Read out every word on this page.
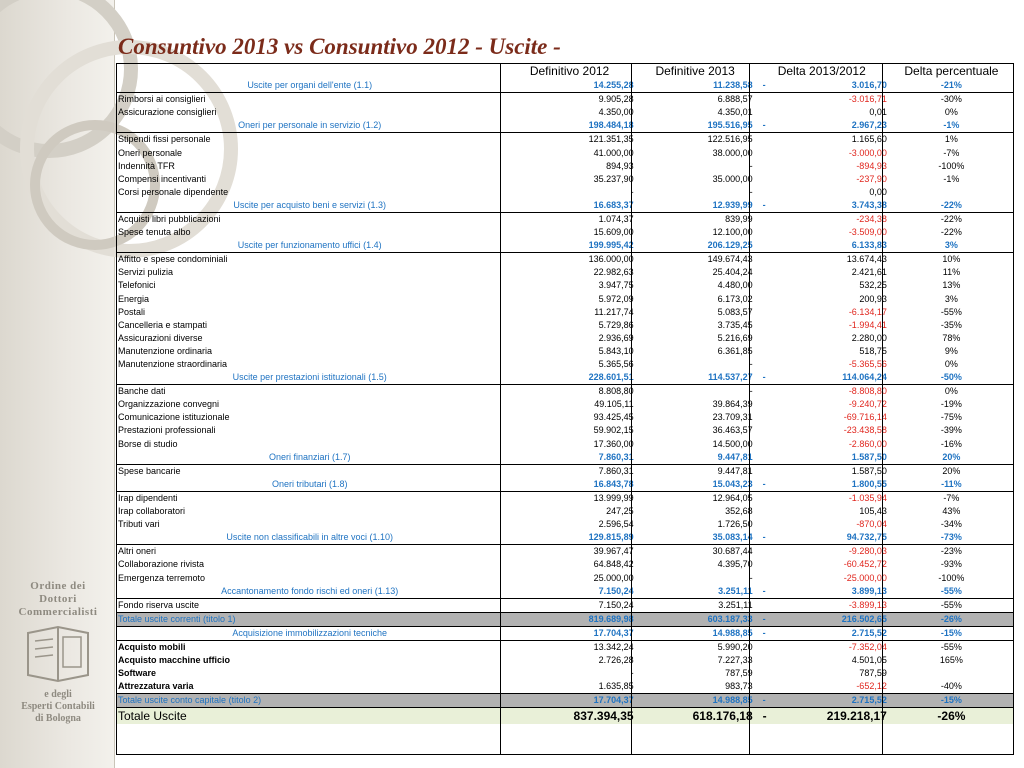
Ordine dei
Dottori
Commercialisti
e degli
Esperti Contabili
di Bologna
Consuntivo 2013 vs Consuntivo 2012 - Uscite -
	Definitivo 2012	Definitive 2013	Delta 2013/2012	Delta percentuale
Uscite per organi dell'ente (1.1)	14.255,28	11.238,58	- 3.016,70	-21%
Rimborsi ai consiglieri	9.905,28	6.888,57	-3.016,71	-30%
Assicurazione consiglieri	4.350,00	4.350,01	0,01	0%
Oneri per personale in servizio (1.2)	198.484,18	195.516,95	- 2.967,23	-1%
Stipendi fissi personale	121.351,35	122.516,95	1.165,60	1%
Oneri personale	41.000,00	38.000,00	-3.000,00	-7%
Indennità TFR	894,93	-	-894,93	-100%
Compensi incentivanti	35.237,90	35.000,00	-237,90	-1%
Corsi personale dipendente	-	-	0,00	
Uscite per acquisto beni e servizi (1.3)	16.683,37	12.939,99	- 3.743,38	-22%
Acquisti libri pubblicazioni	1.074,37	839,99	-234,38	-22%
Spese tenuta albo	15.609,00	12.100,00	-3.509,00	-22%
Uscite per funzionamento uffici (1.4)	199.995,42	206.129,25	6.133,83	3%
Affitto e spese condominiali	136.000,00	149.674,43	13.674,43	10%
Servizi pulizia	22.982,63	25.404,24	2.421,61	11%
Telefonici	3.947,75	4.480,00	532,25	13%
Energia	5.972,09	6.173,02	200,93	3%
Postali	11.217,74	5.083,57	-6.134,17	-55%
Cancelleria e stampati	5.729,86	3.735,45	-1.994,41	-35%
Assicurazioni diverse	2.936,69	5.216,69	2.280,00	78%
Manutenzione ordinaria	5.843,10	6.361,85	518,75	9%
Manutenzione straordinaria	5.365,56	-	-5.365,56	0%
Uscite per prestazioni istituzionali (1.5)	228.601,51	114.537,27	- 114.064,24	-50%
Banche dati	8.808,80	-	-8.808,80	0%
Organizzazione convegni	49.105,11	39.864,39	-9.240,72	-19%
Comunicazione istituzionale	93.425,45	23.709,31	-69.716,14	-75%
Prestazioni professionali	59.902,15	36.463,57	-23.438,58	-39%
Borse di studio	17.360,00	14.500,00	-2.860,00	-16%
Oneri finanziari (1.7)	7.860,31	9.447,81	1.587,50	20%
Spese bancarie	7.860,31	9.447,81	1.587,50	20%
Oneri tributari (1.8)	16.843,78	15.043,23	- 1.800,55	-11%
Irap dipendenti	13.999,99	12.964,05	-1.035,94	-7%
Irap collaboratori	247,25	352,68	105,43	43%
Tributi vari	2.596,54	1.726,50	-870,04	-34%
Uscite non classificabili in altre voci (1.10)	129.815,89	35.083,14	- 94.732,75	-73%
Altri oneri	39.967,47	30.687,44	-9.280,03	-23%
Collaborazione rivista	64.848,42	4.395,70	-60.452,72	-93%
Emergenza terremoto	25.000,00	-	-25.000,00	-100%
Accantonamento fondo rischi ed oneri (1.13)	7.150,24	3.251,11	- 3.899,13	-55%
Fondo riserva uscite	7.150,24	3.251,11	-3.899,13	-55%
Totale uscite correnti (titolo 1)	819.689,98	603.187,33	- 216.502,65	-26%
Acquisizione immobilizzazioni tecniche	17.704,37	14.988,85	- 2.715,52	-15%
Acquisto mobili	13.342,24	5.990,20	-7.352,04	-55%
Acquisto macchine ufficio	2.726,28	7.227,33	4.501,05	165%
Software	-	787,59	787,59	
Attrezzatura varia	1.635,85	983,73	-652,12	-40%
Totale uscite conto capitale (titolo 2)	17.704,37	14.988,85	- 2.715,52	-15%
Totale Uscite	837.394,35	618.176,18	- 219.218,17	-26%
